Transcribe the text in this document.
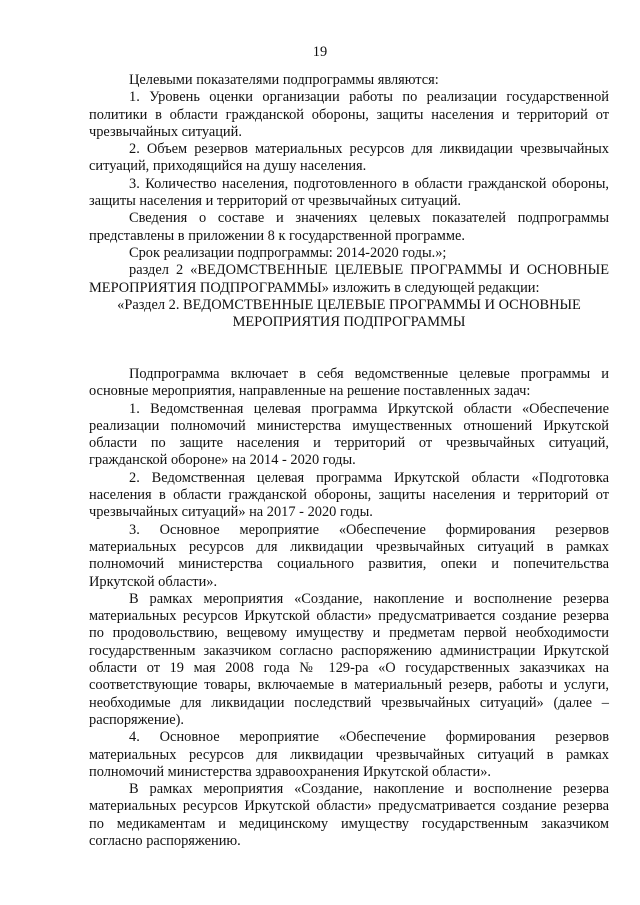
19

Целевыми показателями подпрограммы являются:

1. Уровень оценки организации работы по реализации государственной политики в области гражданской обороны, защиты населения и территорий от чрезвычайных ситуаций.

2. Объем резервов материальных ресурсов для ликвидации чрезвычайных ситуаций, приходящийся на душу населения.

3. Количество населения, подготовленного в области гражданской обороны, защиты населения и территорий от чрезвычайных ситуаций.

Сведения о составе и значениях целевых показателей подпрограммы представлены в приложении 8 к государственной программе.

Срок реализации подпрограммы: 2014-2020 годы.»;

раздел 2 «ВЕДОМСТВЕННЫЕ ЦЕЛЕВЫЕ ПРОГРАММЫ И ОСНОВНЫЕ МЕРОПРИЯТИЯ ПОДПРОГРАММЫ» изложить в следующей редакции:

«Раздел 2. ВЕДОМСТВЕННЫЕ ЦЕЛЕВЫЕ ПРОГРАММЫ И ОСНОВНЫЕ МЕРОПРИЯТИЯ ПОДПРОГРАММЫ

Подпрограмма включает в себя ведомственные целевые программы и основные мероприятия, направленные на решение поставленных задач:

1. Ведомственная целевая программа Иркутской области «Обеспечение реализации полномочий министерства имущественных отношений Иркутской области по защите населения и территорий от чрезвычайных ситуаций, гражданской обороне» на 2014 - 2020 годы.

2. Ведомственная целевая программа Иркутской области «Подготовка населения в области гражданской обороны, защиты населения и территорий от чрезвычайных ситуаций» на 2017 - 2020 годы.

3. Основное мероприятие «Обеспечение формирования резервов материальных ресурсов для ликвидации чрезвычайных ситуаций в рамках полномочий министерства социального развития, опеки и попечительства Иркутской области».

В рамках мероприятия «Создание, накопление и восполнение резерва материальных ресурсов Иркутской области» предусматривается создание резерва по продовольствию, вещевому имуществу и предметам первой необходимости государственным заказчиком согласно распоряжению администрации Иркутской области от 19 мая 2008 года № 129-ра «О государственных заказчиках на соответствующие товары, включаемые в материальный резерв, работы и услуги, необходимые для ликвидации последствий чрезвычайных ситуаций» (далее – распоряжение).

4. Основное мероприятие «Обеспечение формирования резервов материальных ресурсов для ликвидации чрезвычайных ситуаций в рамках полномочий министерства здравоохранения Иркутской области».

В рамках мероприятия «Создание, накопление и восполнение резерва материальных ресурсов Иркутской области» предусматривается создание резерва по медикаментам и медицинскому имуществу государственным заказчиком согласно распоряжению.
